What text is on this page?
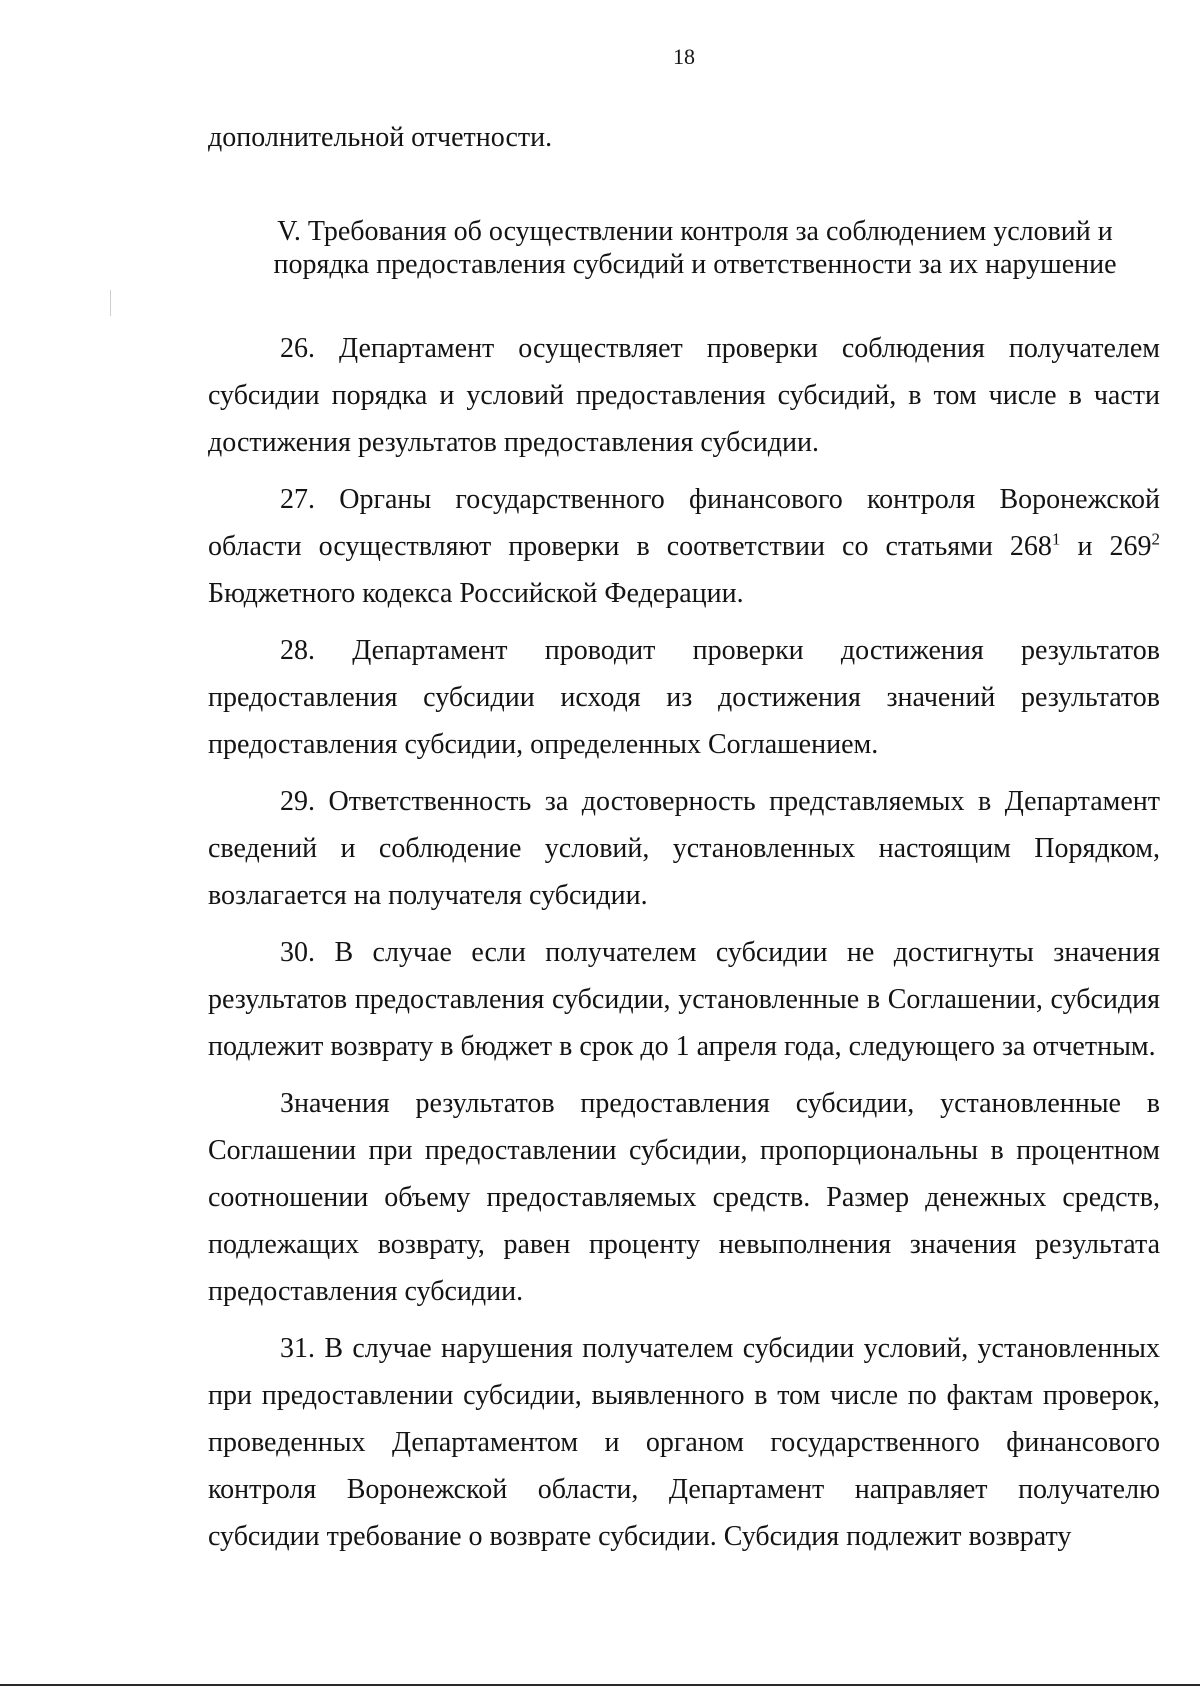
18
дополнительной отчетности.
V. Требования об осуществлении контроля за соблюдением условий и
порядка предоставления субсидий и ответственности за их нарушение

26. Департамент осуществляет проверки соблюдения получателем субсидии порядка и условий предоставления субсидий, в том числе в части достижения результатов предоставления субсидии.

27. Органы государственного финансового контроля Воронежской области осуществляют проверки в соответствии со статьями $268^1$ и $269^2$ Бюджетного кодекса Российской Федерации.

28. Департамент проводит проверки достижения результатов предоставления субсидии исходя из достижения значений результатов предоставления субсидии, определенных Соглашением.

29. Ответственность за достоверность представляемых в Департамент сведений и соблюдение условий, установленных настоящим Порядком, возлагается на получателя субсидии.

30. В случае если получателем субсидии не достигнуты значения результатов предоставления субсидии, установленные в Соглашении, субсидия подлежит возврату в бюджет в срок до 1 апреля года, следующего за отчетным.

Значения результатов предоставления субсидии, установленные в Соглашении при предоставлении субсидии, пропорциональны в процентном соотношении объему предоставляемых средств. Размер денежных средств, подлежащих возврату, равен проценту невыполнения значения результата предоставления субсидии.

31. В случае нарушения получателем субсидии условий, установленных при предоставлении субсидии, выявленного в том числе по фактам проверок, проведенных Департаментом и органом государственного финансового контроля Воронежской области, Департамент направляет получателю субсидии требование о возврате субсидии. Субсидия подлежит возврату
